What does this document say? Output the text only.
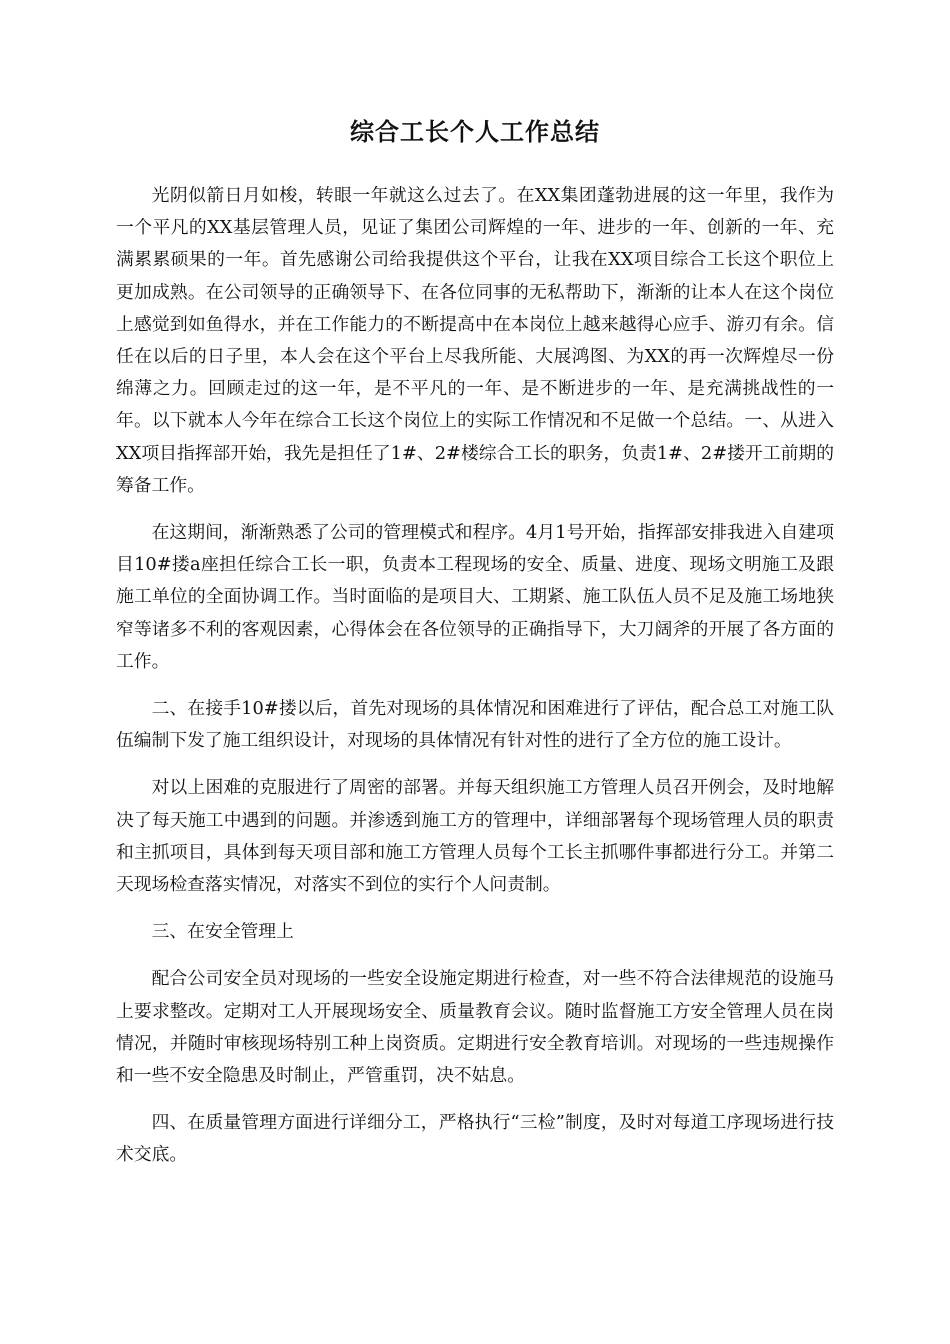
综合工长个人工作总结

光阴似箭日月如梭，转眼一年就这么过去了。在XX集团蓬勃进展的这一年里，我作为一个平凡的XX基层管理人员，见证了集团公司辉煌的一年、进步的一年、创新的一年、充满累累硕果的一年。首先感谢公司给我提供这个平台，让我在XX项目综合工长这个职位上更加成熟。在公司领导的正确领导下、在各位同事的无私帮助下，渐渐的让本人在这个岗位上感觉到如鱼得水，并在工作能力的不断提高中在本岗位上越来越得心应手、游刃有余。信任在以后的日子里，本人会在这个平台上尽我所能、大展鸿图、为XX的再一次辉煌尽一份绵薄之力。回顾走过的这一年，是不平凡的一年、是不断进步的一年、是充满挑战性的一年。以下就本人今年在综合工长这个岗位上的实际工作情况和不足做一个总结。一、从进入XX项目指挥部开始，我先是担任了1#、2#楼综合工长的职务，负责1#、2#搂开工前期的筹备工作。

在这期间，渐渐熟悉了公司的管理模式和程序。4月1号开始，指挥部安排我进入自建项目10#搂a座担任综合工长一职，负责本工程现场的安全、质量、进度、现场文明施工及跟施工单位的全面协调工作。当时面临的是项目大、工期紧、施工队伍人员不足及施工场地狭窄等诸多不利的客观因素，心得体会在各位领导的正确指导下，大刀阔斧的开展了各方面的工作。

二、在接手10#搂以后，首先对现场的具体情况和困难进行了评估，配合总工对施工队伍编制下发了施工组织设计，对现场的具体情况有针对性的进行了全方位的施工设计。

对以上困难的克服进行了周密的部署。并每天组织施工方管理人员召开例会，及时地解决了每天施工中遇到的问题。并渗透到施工方的管理中，详细部署每个现场管理人员的职责和主抓项目，具体到每天项目部和施工方管理人员每个工长主抓哪件事都进行分工。并第二天现场检查落实情况，对落实不到位的实行个人问责制。

三、在安全管理上

配合公司安全员对现场的一些安全设施定期进行检查，对一些不符合法律规范的设施马上要求整改。定期对工人开展现场安全、质量教育会议。随时监督施工方安全管理人员在岗情况，并随时审核现场特别工种上岗资质。定期进行安全教育培训。对现场的一些违规操作和一些不安全隐患及时制止，严管重罚，决不姑息。

四、在质量管理方面进行详细分工，严格执行“三检”制度，及时对每道工序现场进行技术交底。
